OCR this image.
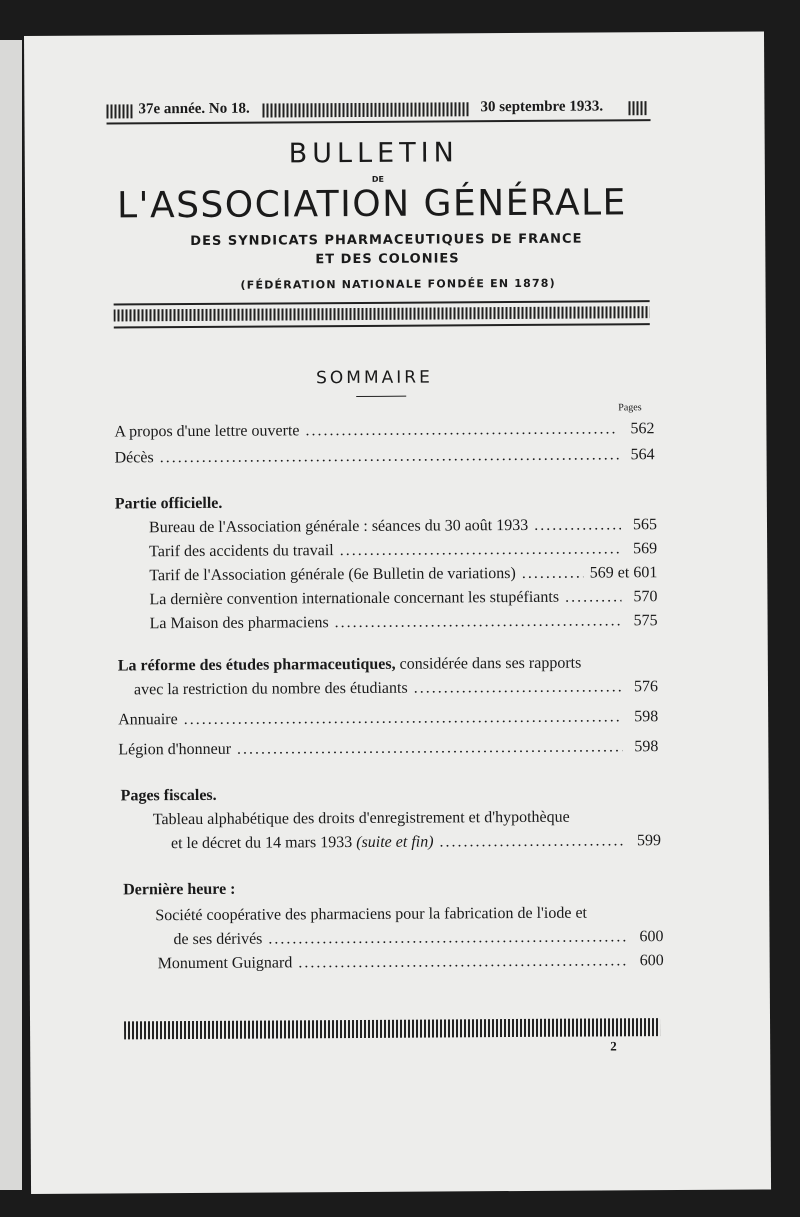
37e année. No 18.	30 septembre 1933.
BULLETIN
DE
L'ASSOCIATION GÉNÉRALE
DES SYNDICATS PHARMACEUTIQUES DE FRANCE
ET DES COLONIES
(FÉDÉRATION NATIONALE FONDÉE EN 1878)
SOMMAIRE
Pages
A propos d'une lettre ouverte .....	562
Décès .....	564
Partie officielle.
Bureau de l'Association générale : séances du 30 août 1933 .....	565
Tarif des accidents du travail .....	569
Tarif de l'Association générale (6e Bulletin de variations) .....	569 et 601
La dernière convention internationale concernant les stupéfiants .....	570
La Maison des pharmaciens .....	575
La réforme des études pharmaceutiques, considérée dans ses rapports
avec la restriction du nombre des étudiants .....	576
Annuaire .....	598
Légion d'honneur .....	598
Pages fiscales.
Tableau alphabétique des droits d'enregistrement et d'hypothèque
et le décret du 14 mars 1933 (suite et fin) .....	599
Dernière heure :
Société coopérative des pharmaciens pour la fabrication de l'iode et
de ses dérivés .....	600
Monument Guignard .....	600
2
